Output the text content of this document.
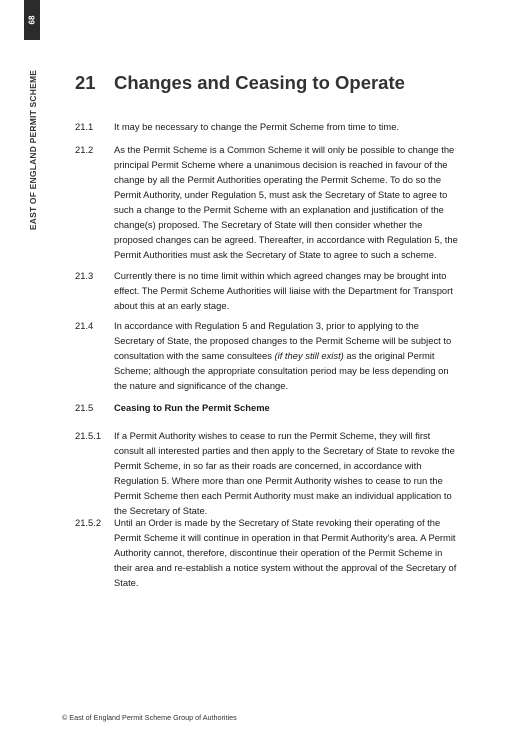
68
EAST OF ENGLAND PERMIT SCHEME 21 Changes and Ceasing to Operate
21.1	It may be necessary to change the Permit Scheme from time to time.
21.2	As the Permit Scheme is a Common Scheme it will only be possible to change the principal Permit Scheme where a unanimous decision is reached in favour of the change by all the Permit Authorities operating the Permit Scheme. To do so the Permit Authority, under Regulation 5, must ask the Secretary of State to agree to such a change to the Permit Scheme with an explanation and justification of the change(s) proposed. The Secretary of State will then consider whether the proposed changes can be agreed. Thereafter, in accordance with Regulation 5, the Permit Authorities must ask the Secretary of State to agree to such a scheme.
21.3	Currently there is no time limit within which agreed changes may be brought into effect. The Permit Scheme Authorities will liaise with the Department for Transport about this at an early stage.
21.4	In accordance with Regulation 5 and Regulation 3, prior to applying to the Secretary of State, the proposed changes to the Permit Scheme will be subject to consultation with the same consultees (if they still exist) as the original Permit Scheme; although the appropriate consultation period may be less depending on the nature and significance of the change.
21.5	Ceasing to Run the Permit Scheme
21.5.1	If a Permit Authority wishes to cease to run the Permit Scheme, they will first consult all interested parties and then apply to the Secretary of State to revoke the Permit Scheme, in so far as their roads are concerned, in accordance with Regulation 5. Where more than one Permit Authority wishes to cease to run the Permit Scheme then each Permit Authority must make an individual application to the Secretary of State.
21.5.2	Until an Order is made by the Secretary of State revoking their operating of the Permit Scheme it will continue in operation in that Permit Authority's area. A Permit Authority cannot, therefore, discontinue their operation of the Permit Scheme in their area and re-establish a notice system without the approval of the Secretary of State.
© East of England Permit Scheme Group of Authorities
